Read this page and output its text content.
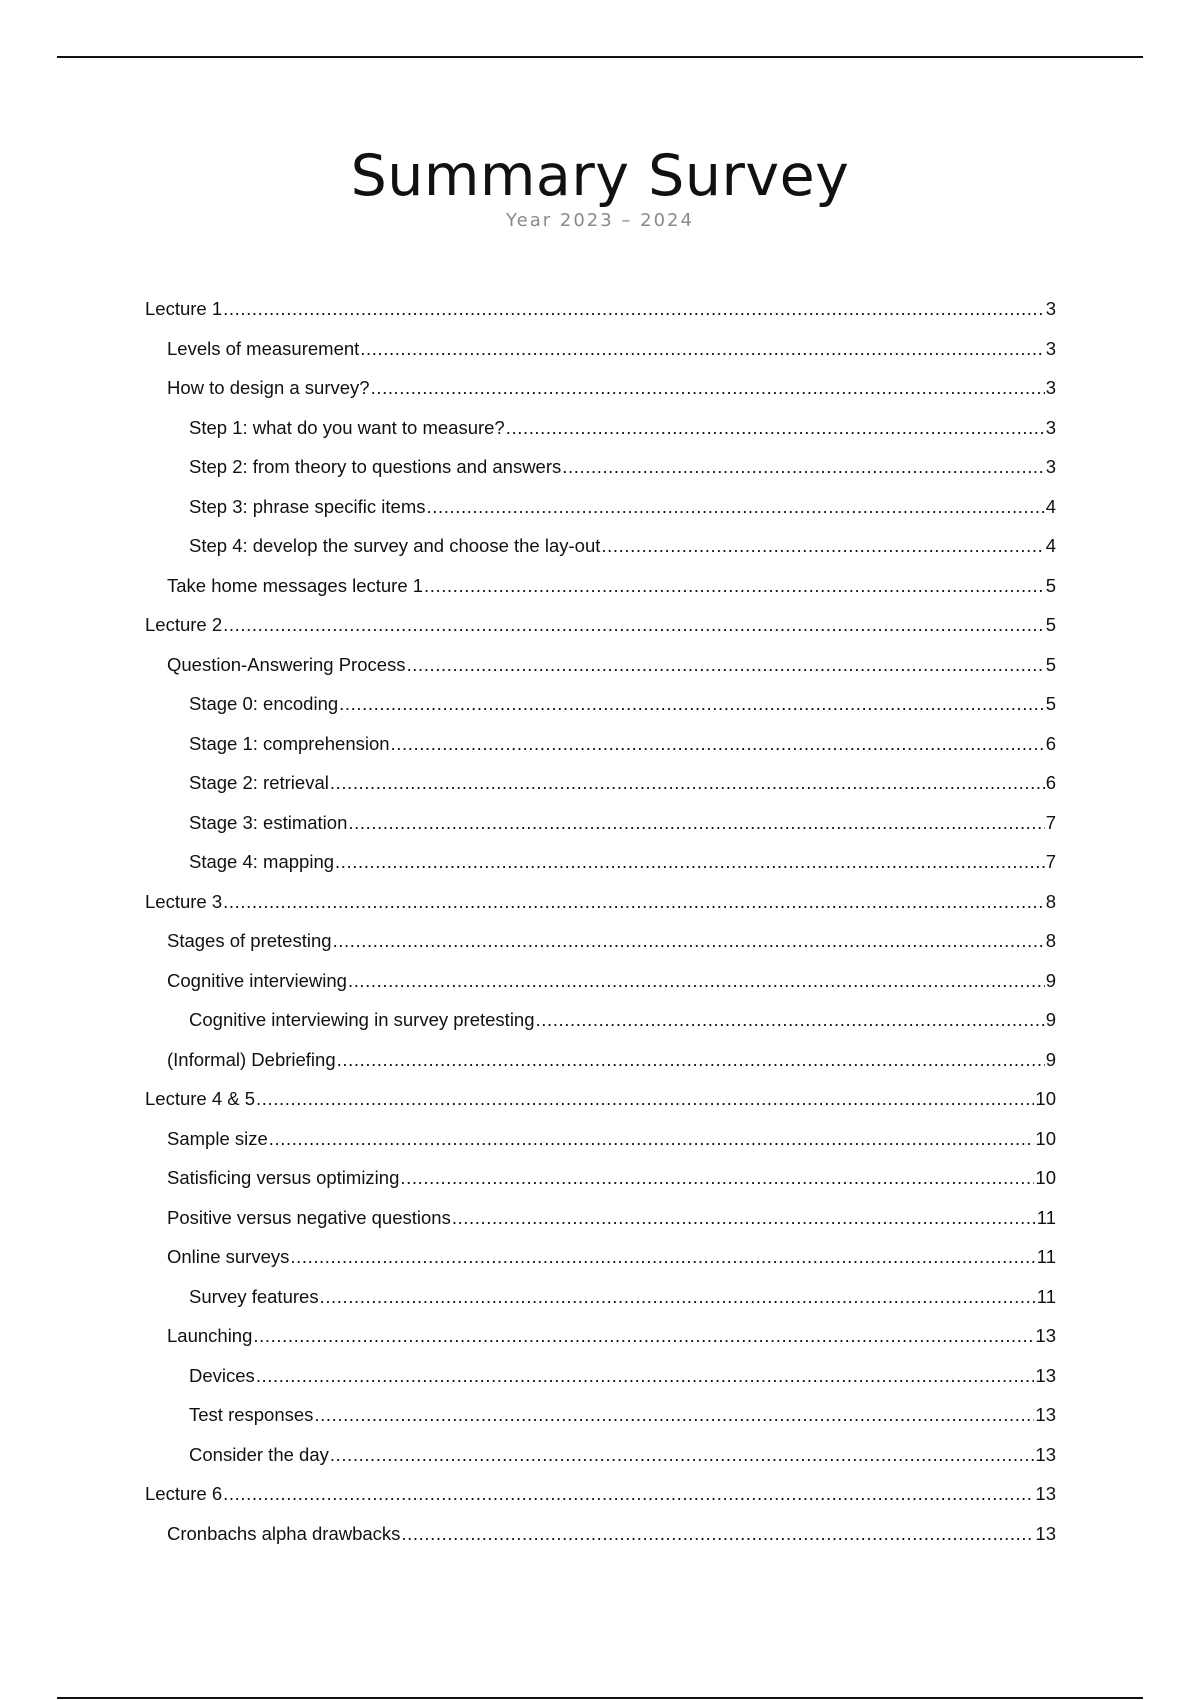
Summary Survey
Year 2023 – 2024
Lecture 1 .....	3
Levels of measurement .....	3
How to design a survey? .....	3
Step 1: what do you want to measure? .....	3
Step 2: from theory to questions and answers .....	3
Step 3: phrase specific items .....	4
Step 4: develop the survey and choose the lay-out .....	4
Take home messages lecture 1 .....	5
Lecture 2 .....	5
Question-Answering Process .....	5
Stage 0: encoding .....	5
Stage 1: comprehension .....	6
Stage 2: retrieval .....	6
Stage 3: estimation .....	7
Stage 4: mapping .....	7
Lecture 3 .....	8
Stages of pretesting .....	8
Cognitive interviewing .....	9
Cognitive interviewing in survey pretesting .....	9
(Informal) Debriefing .....	9
Lecture 4 & 5 .....	10
Sample size .....	10
Satisficing versus optimizing .....	10
Positive versus negative questions .....	11
Online surveys .....	11
Survey features .....	11
Launching .....	13
Devices .....	13
Test responses .....	13
Consider the day .....	13
Lecture 6 .....	13
Cronbachs alpha drawbacks .....	13
